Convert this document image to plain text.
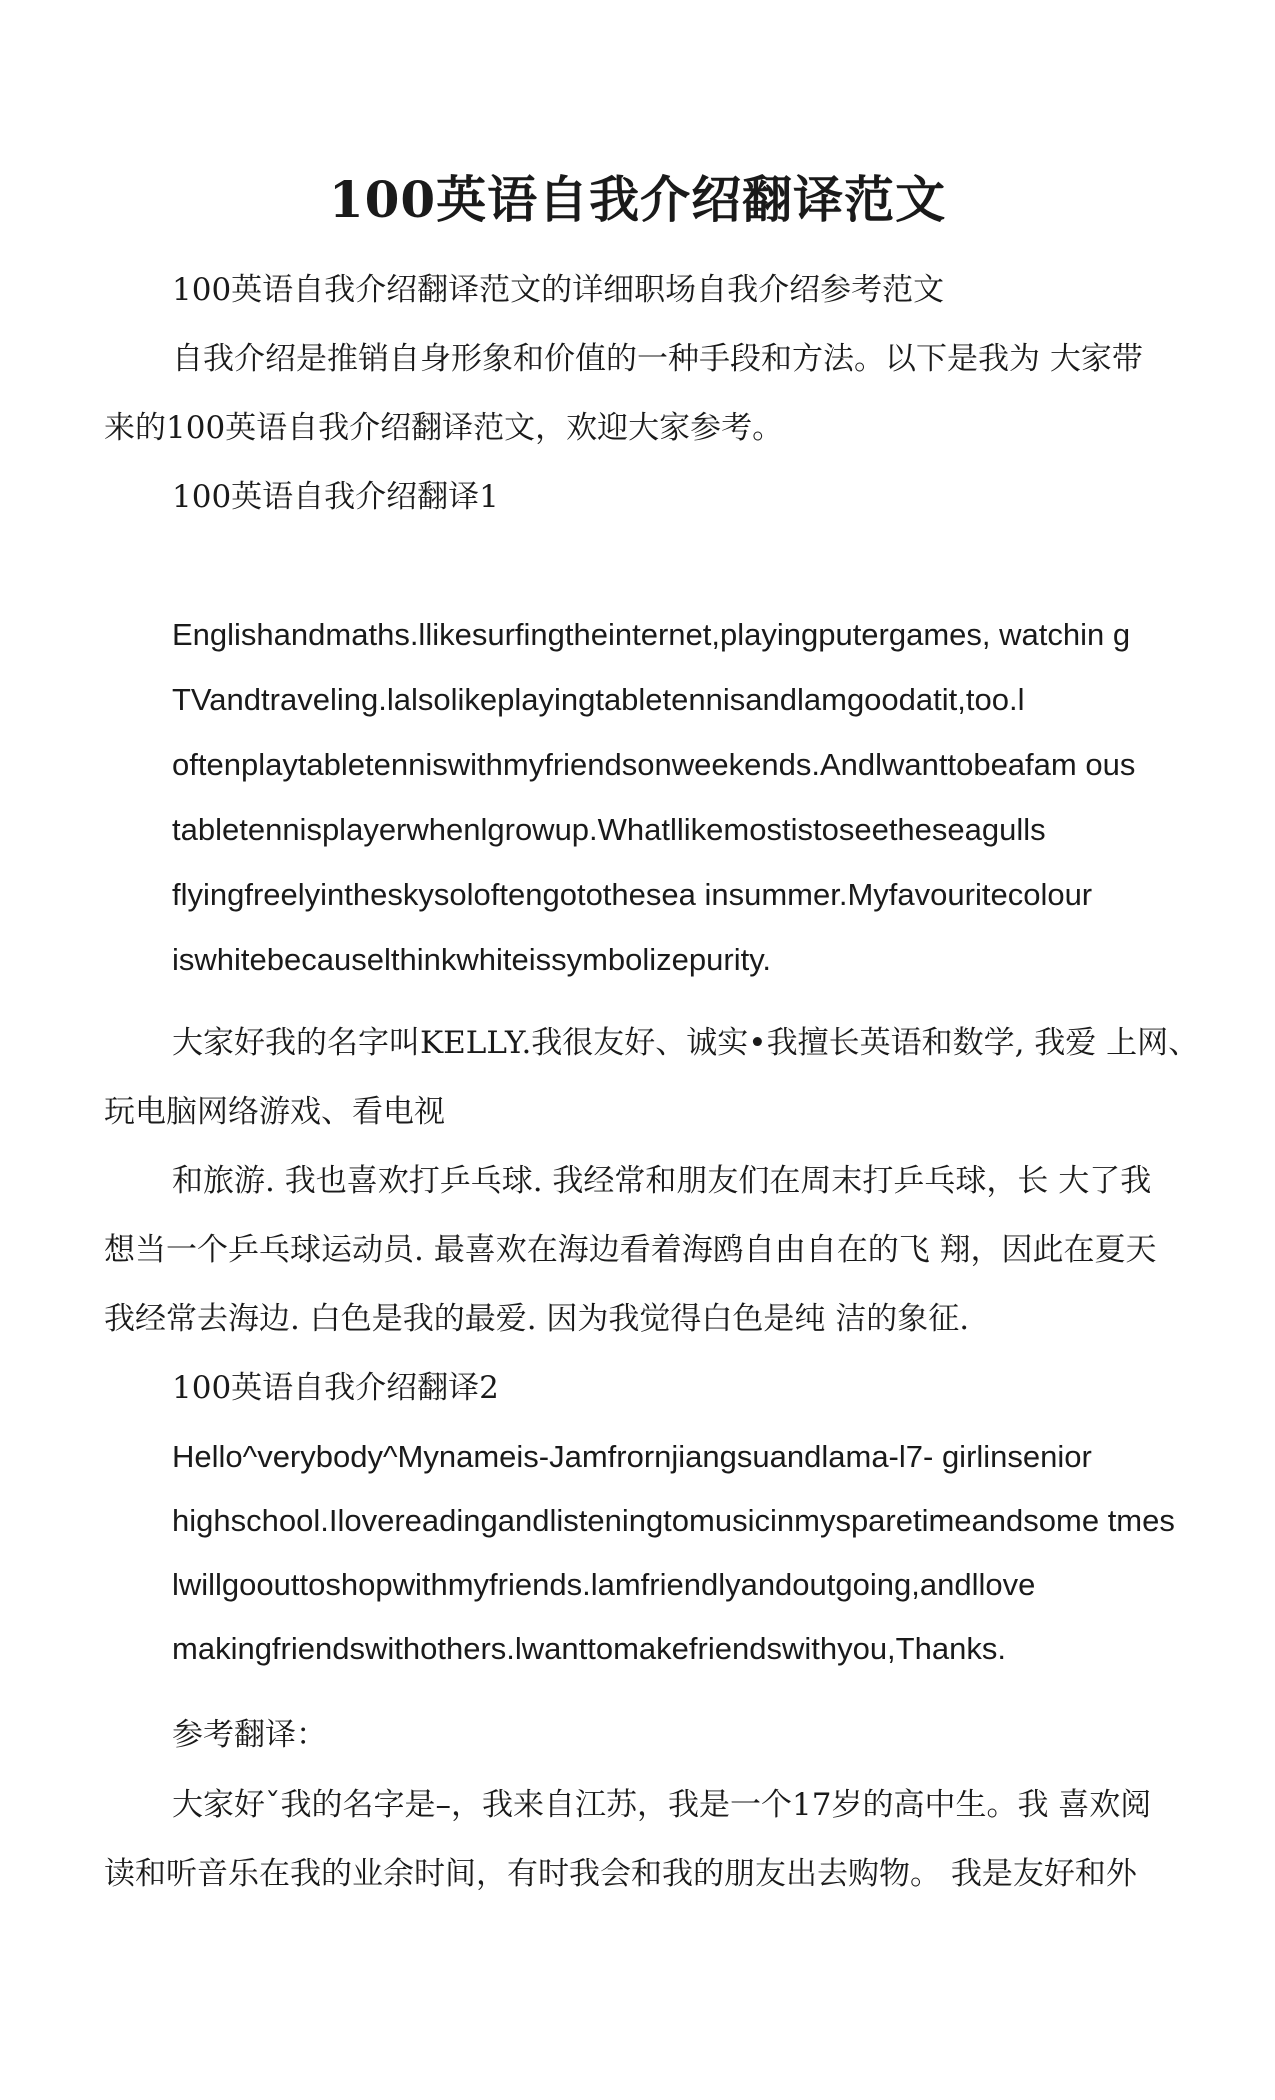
100英语自我介绍翻译范文
100英语自我介绍翻译范文的详细职场自我介绍参考范文
自我介绍是推销自身形象和价值的一种手段和方法。以下是我为 大家带
来的100英语自我介绍翻译范文，欢迎大家参考。
100英语自我介绍翻译1
Englishandmaths.llikesurfingtheinternet,playingputergames, watchin g
TVandtraveling.lalsolikeplayingtabletennisandlamgoodatit,too.l
oftenplaytabletenniswithmyfriendsonweekends.Andlwanttobeafam ous
tabletennisplayerwhenlgrowup.Whatllikemostistoseetheseagulls
flyingfreelyintheskysoloftengotothesea insummer.Myfavouritecolour
iswhitebecauselthinkwhiteissymbolizepurity.
大家好我的名字叫KELLY.我很友好、诚实•我擅长英语和数学, 我爱 上网、
玩电脑网络游戏、看电视
和旅游. 我也喜欢打乒乓球. 我经常和朋友们在周末打乒乓球，长 大了我
想当一个乒乓球运动员. 最喜欢在海边看着海鸥自由自在的飞 翔，因此在夏天
我经常去海边. 白色是我的最爱. 因为我觉得白色是纯 洁的象征.
100英语自我介绍翻译2
Hello^verybody^Mynameis-Jamfrornjiangsuandlama-l7- girlinsenior
highschool.Ilovereadingandlisteningtomusicinmysparetimeandsome tmes
lwillgoouttoshopwithmyfriends.lamfriendlyandoutgoing,andllove
makingfriendswithothers.lwanttomakefriendswithyou,Thanks.
参考翻译：
大家好ˇ我的名字是–，我来自江苏，我是一个17岁的高中生。我 喜欢阅
读和听音乐在我的业余时间，有时我会和我的朋友出去购物。 我是友好和外
